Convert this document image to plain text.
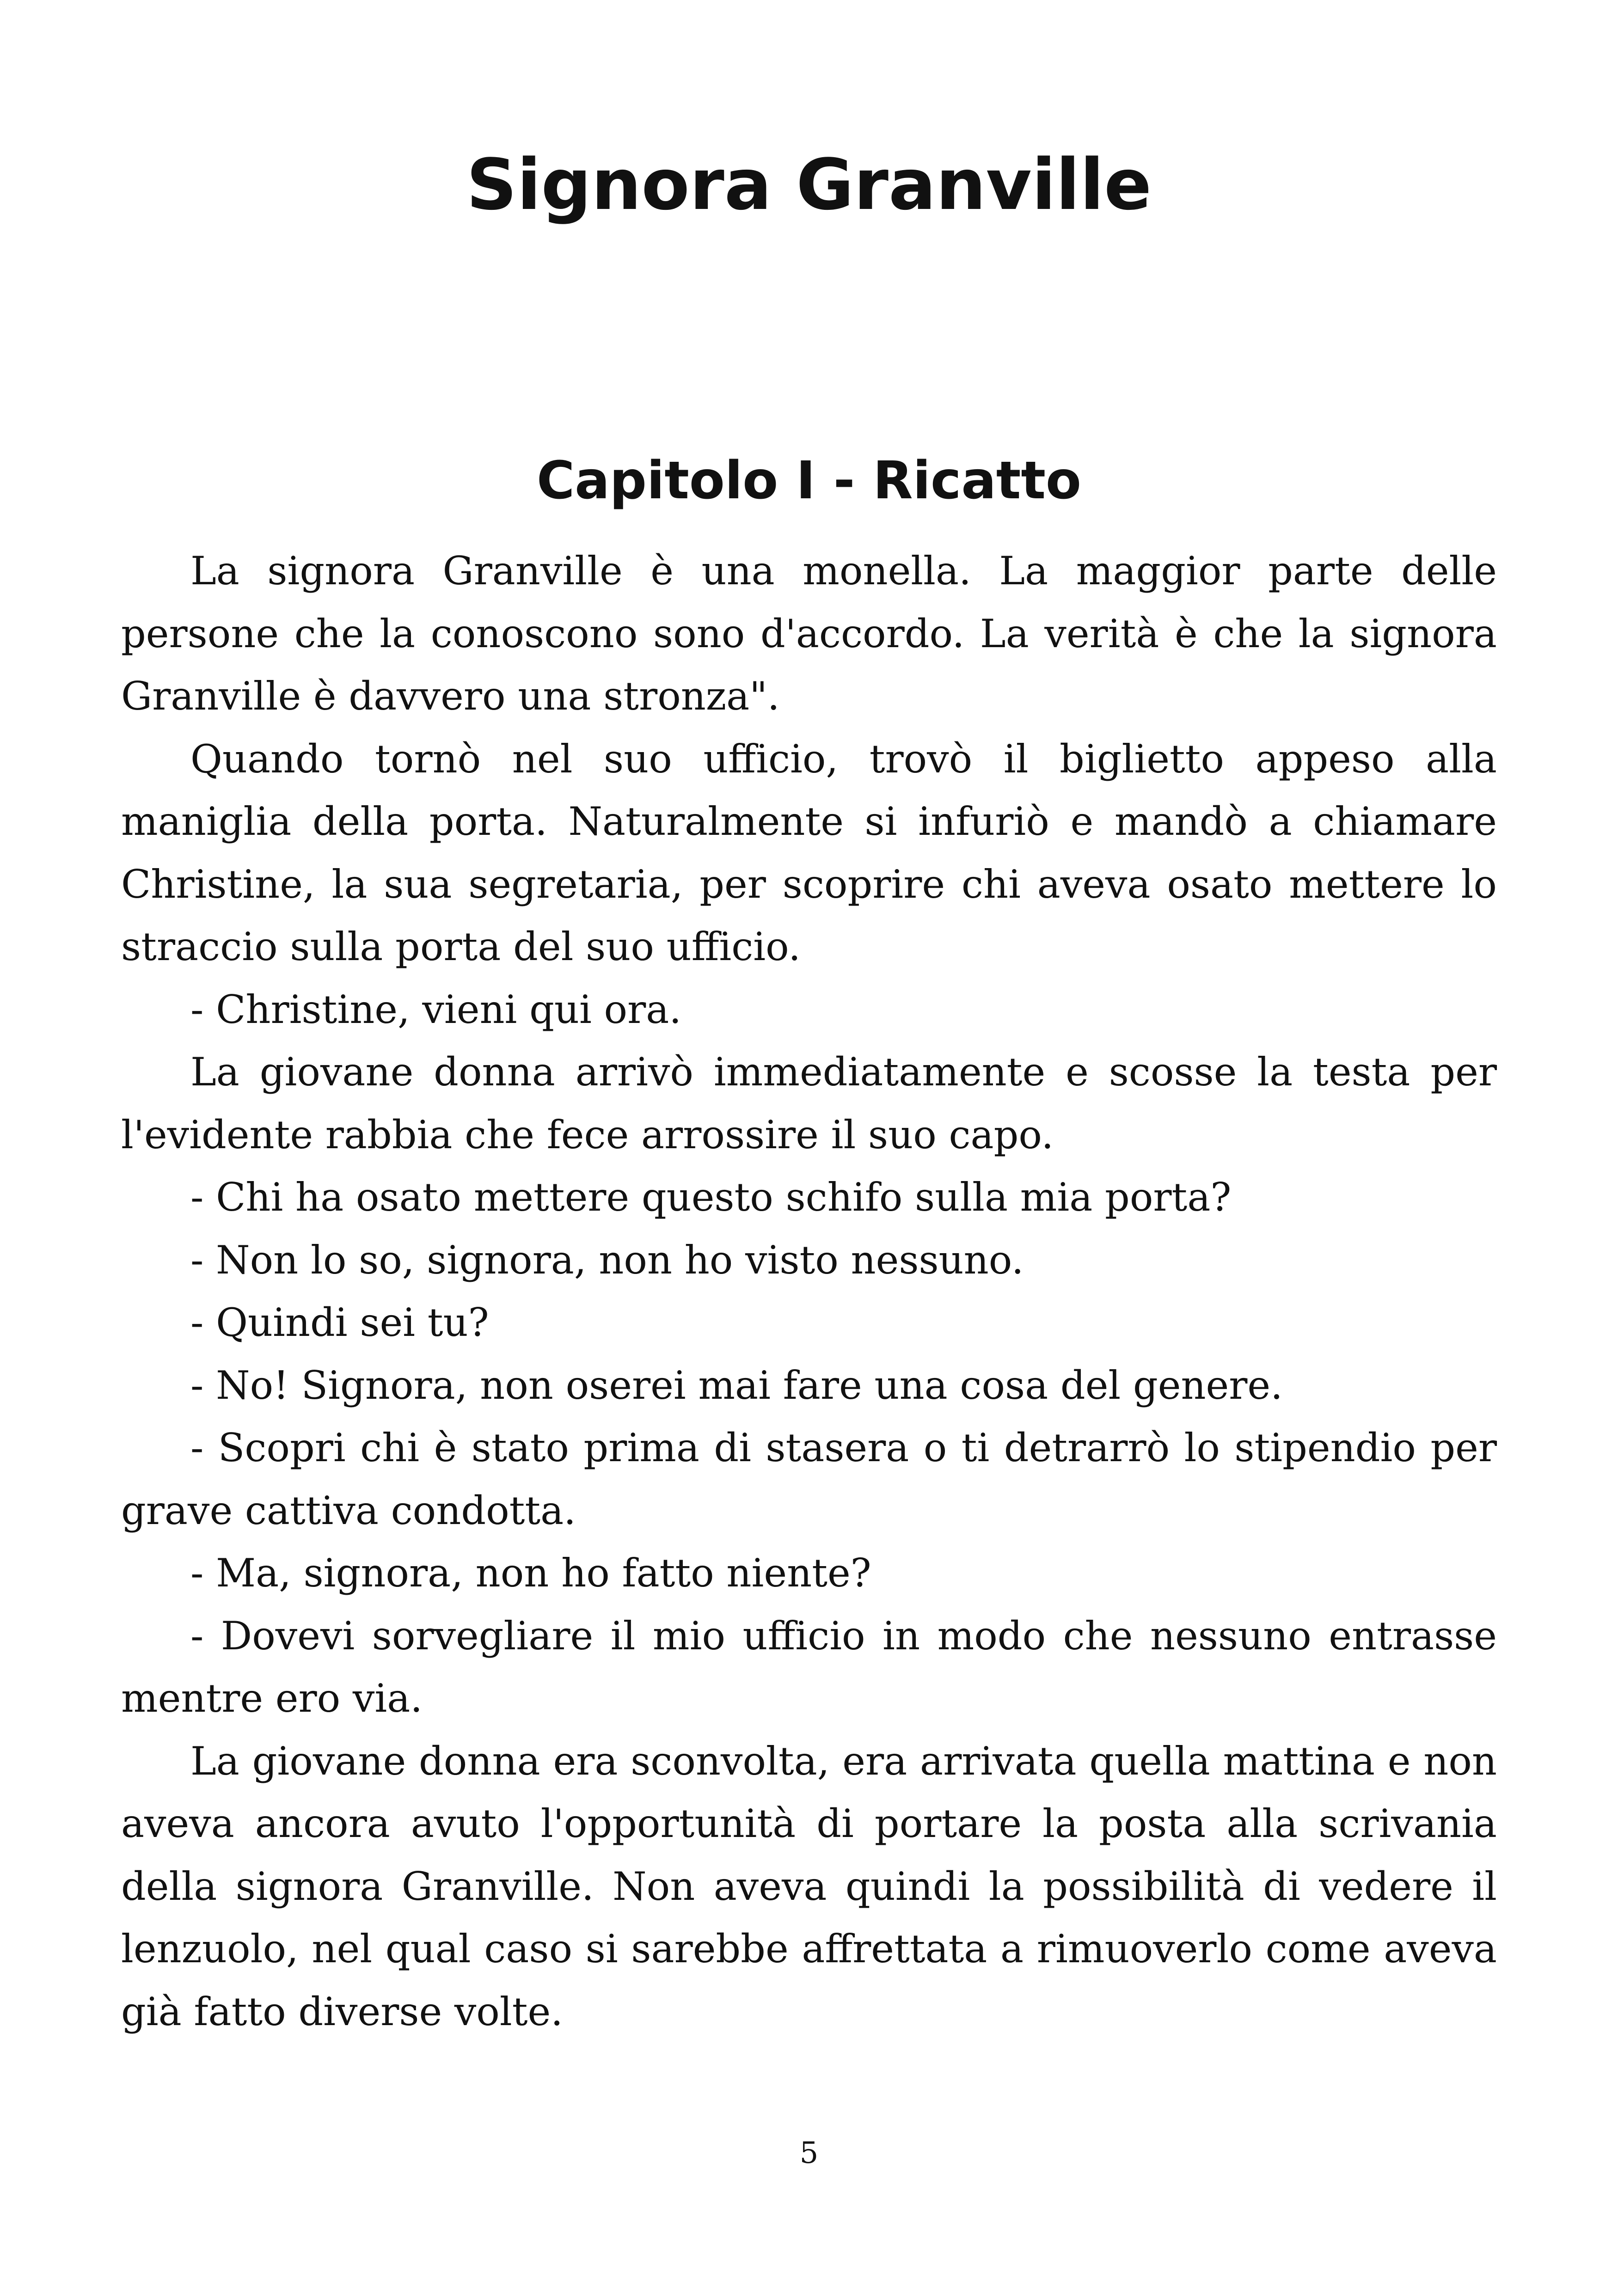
Signora Granville
Capitolo I - Ricatto

La signora Granville è una monella. La maggior parte delle persone che la conoscono sono d'accordo. La verità è che la signora Granville è davvero una stronza".

Quando tornò nel suo ufficio, trovò il biglietto appeso alla maniglia della porta. Naturalmente si infuriò e mandò a chiamare Christine, la sua segretaria, per scoprire chi aveva osato mettere lo straccio sulla porta del suo ufficio.

- Christine, vieni qui ora.

La giovane donna arrivò immediatamente e scosse la testa per l'evidente rabbia che fece arrossire il suo capo.

- Chi ha osato mettere questo schifo sulla mia porta?

- Non lo so, signora, non ho visto nessuno.

- Quindi sei tu?

- No! Signora, non oserei mai fare una cosa del genere.

- Scopri chi è stato prima di stasera o ti detrarrò lo stipendio per grave cattiva condotta.

- Ma, signora, non ho fatto niente?

- Dovevi sorvegliare il mio ufficio in modo che nessuno entrasse mentre ero via.

La giovane donna era sconvolta, era arrivata quella mattina e non aveva ancora avuto l'opportunità di portare la posta alla scrivania della signora Granville. Non aveva quindi la possibilità di vedere il lenzuolo, nel qual caso si sarebbe affrettata a rimuoverlo come aveva già fatto diverse volte.

5
